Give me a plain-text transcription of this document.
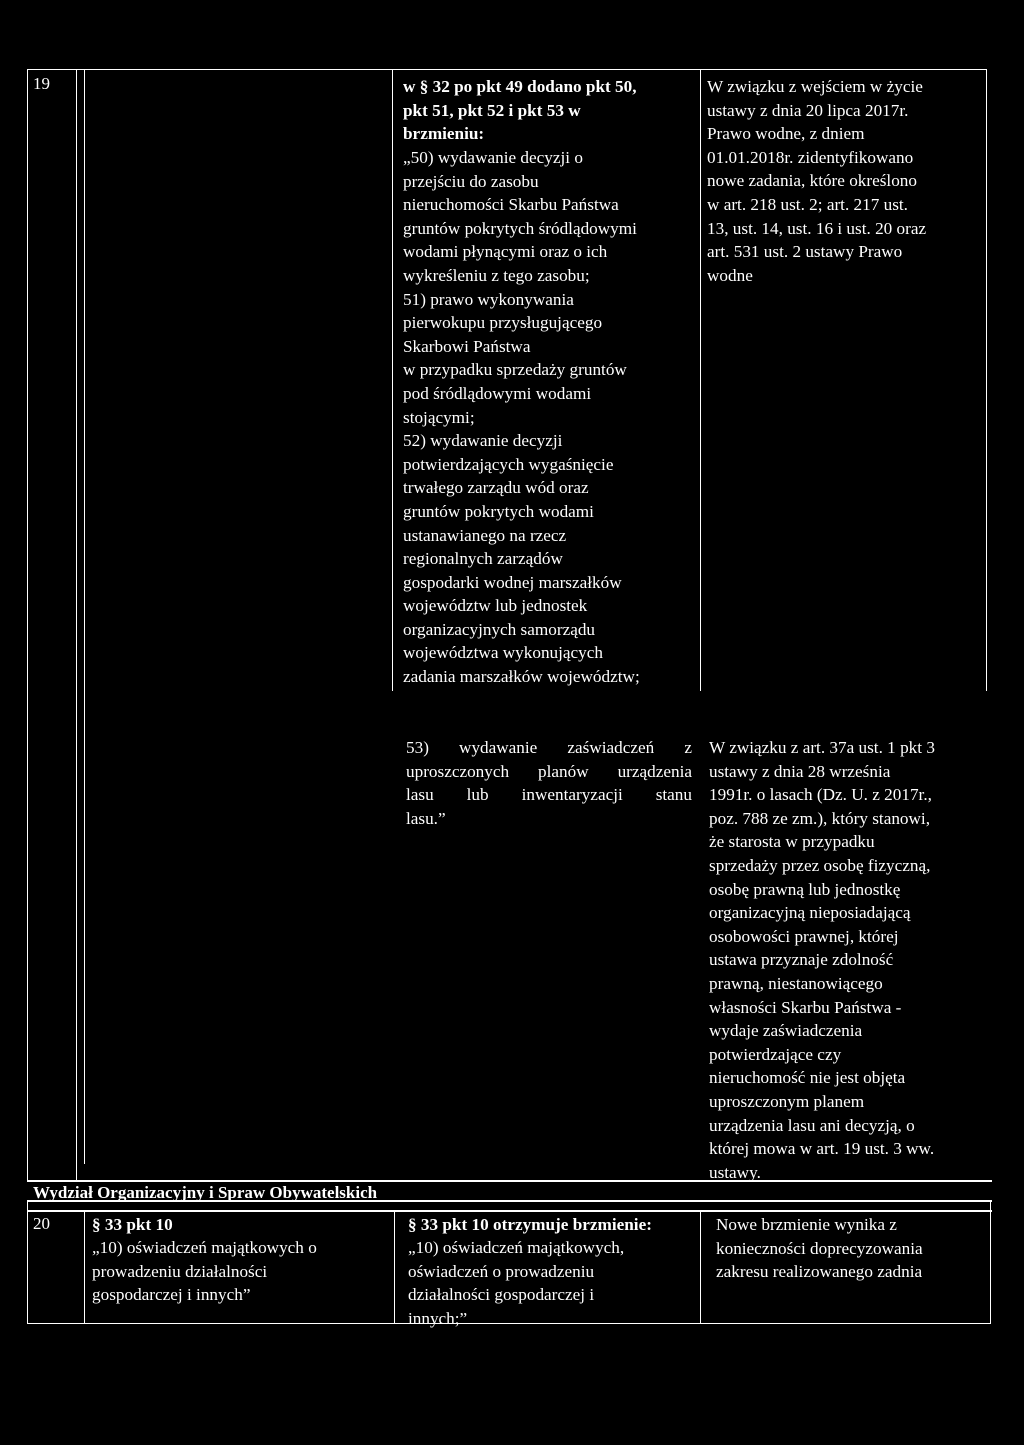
19	w § 32 po pkt 49 dodano pkt 50,
pkt 51, pkt 52 i pkt 53 w
brzmieniu:

„50) wydawanie decyzji o
przejściu do zasobu
nieruchomości Skarbu Państwa
gruntów pokrytych śródlądowymi
wodami płynącymi oraz o ich
wykreśleniu z tego zasobu;
51) prawo wykonywania
pierwokupu przysługującego
Skarbowi Państwa
w przypadku sprzedaży gruntów
pod śródlądowymi wodami
stojącymi;
52) wydawanie decyzji
potwierdzających wygaśnięcie
trwałego zarządu wód oraz
gruntów pokrytych wodami
ustanawianego na rzecz
regionalnych zarządów
gospodarki wodnej marszałków
województw lub jednostek
organizacyjnych samorządu
województwa wykonujących
zadania marszałków województw;

W związku z wejściem w życie
ustawy z dnia 20 lipca 2017r.
Prawo wodne, z dniem
01.01.2018r. zidentyfikowano
nowe zadania, które określono
w art. 218 ust. 2; art. 217 ust.
13, ust. 14, ust. 16 i ust. 20 oraz
art. 531 ust. 2 ustawy Prawo
wodne

53) wydawanie zaświadczeń z
uproszczonych planów urządzenia
lasu lub inwentaryzacji stanu
lasu.”

W związku z art. 37a ust. 1 pkt 3
ustawy z dnia 28 września
1991r. o lasach (Dz. U. z 2017r.,
poz. 788 ze zm.), który stanowi,
że starosta w przypadku
sprzedaży przez osobę fizyczną,
osobę prawną lub jednostkę
organizacyjną nieposiadającą
osobowości prawnej, której
ustawa przyznaje zdolność
prawną, niestanowiącego
własności Skarbu Państwa -
wydaje zaświadczenia
potwierdzające czy
nieruchomość nie jest objęta
uproszczonym planem
urządzenia lasu ani decyzją, o
której mowa w art. 19 ust. 3 ww.
ustawy.

Wydział Organizacyjny i Spraw Obywatelskich
20 § 33 pkt 10

„10) oświadczeń majątkowych o
prowadzeniu działalności
gospodarczej i innych”

§ 33 pkt 10 otrzymuje brzmienie:

„10) oświadczeń majątkowych,
oświadczeń o prowadzeniu
działalności gospodarczej i
innych;”

Nowe brzmienie wynika z
konieczności doprecyzowania
zakresu realizowanego zadnia
